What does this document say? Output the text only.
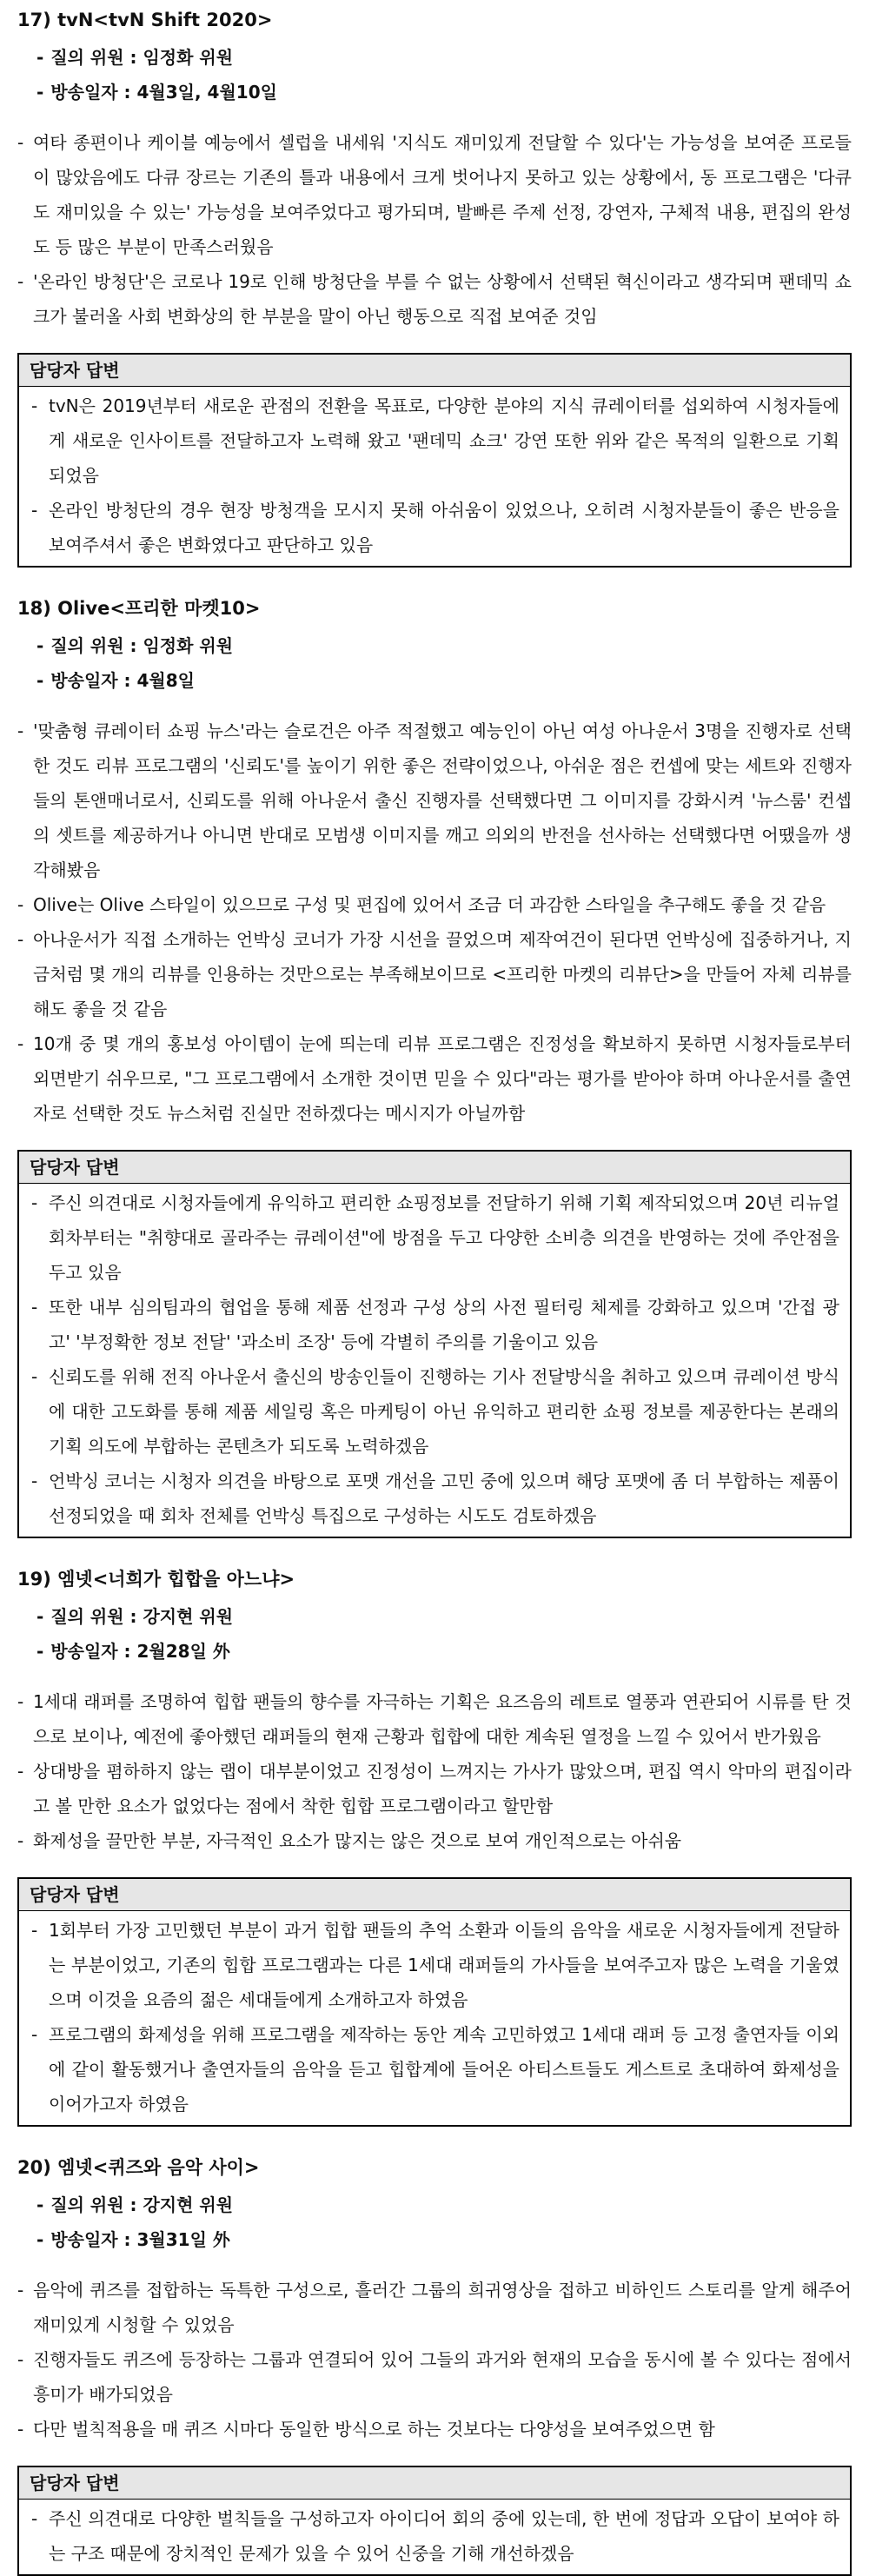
17) tvN<tvN Shift 2020>
- 질의 위원 : 임정화 위원
- 방송일자 : 4월3일, 4월10일
- 여타 종편이나 케이블 예능에서 셀럽을 내세워 '지식도 재미있게 전달할 수 있다'는 가능성을 보여준 프로들이 많았음에도 다큐 장르는 기존의 틀과 내용에서 크게 벗어나지 못하고 있는 상황에서, 동 프로그램은 '다큐도 재미있을 수 있는' 가능성을 보여주었다고 평가되며, 발빠른 주제 선정, 강연자, 구체적 내용, 편집의 완성도 등 많은 부분이 만족스러웠음
- '온라인 방청단'은 코로나 19로 인해 방청단을 부를 수 없는 상황에서 선택된 혁신이라고 생각되며 팬데믹 쇼크가 불러올 사회 변화상의 한 부분을 말이 아닌 행동으로 직접 보여준 것임
담당자 답변
- tvN은 2019년부터 새로운 관점의 전환을 목표로, 다양한 분야의 지식 큐레이터를 섭외하여 시청자들에게 새로운 인사이트를 전달하고자 노력해 왔고 '팬데믹 쇼크' 강연 또한 위와 같은 목적의 일환으로 기획되었음
- 온라인 방청단의 경우 현장 방청객을 모시지 못해 아쉬움이 있었으나, 오히려 시청자분들이 좋은 반응을 보여주셔서 좋은 변화였다고 판단하고 있음
18) Olive<프리한 마켓10>
- 질의 위원 : 임정화 위원
- 방송일자 : 4월8일
- '맞춤형 큐레이터 쇼핑 뉴스'라는 슬로건은 아주 적절했고 예능인이 아닌 여성 아나운서 3명을 진행자로 선택한 것도 리뷰 프로그램의 '신뢰도'를 높이기 위한 좋은 전략이었으나, 아쉬운 점은 컨셉에 맞는 세트와 진행자들의 톤앤매너로서, 신뢰도를 위해 아나운서 출신 진행자를 선택했다면 그 이미지를 강화시켜 '뉴스룸' 컨셉의 셋트를 제공하거나 아니면 반대로 모범생 이미지를 깨고 의외의 반전을 선사하는 선택했다면 어땠을까 생각해봤음
- Olive는 Olive 스타일이 있으므로 구성 및 편집에 있어서 조금 더 과감한 스타일을 추구해도 좋을 것 같음
- 아나운서가 직접 소개하는 언박싱 코너가 가장 시선을 끌었으며 제작여건이 된다면 언박싱에 집중하거나, 지금처럼 몇 개의 리뷰를 인용하는 것만으로는 부족해보이므로 <프리한 마켓의 리뷰단>을 만들어 자체 리뷰를 해도 좋을 것 같음
- 10개 중 몇 개의 홍보성 아이템이 눈에 띄는데 리뷰 프로그램은 진정성을 확보하지 못하면 시청자들로부터 외면받기 쉬우므로, "그 프로그램에서 소개한 것이면 믿을 수 있다"라는 평가를 받아야 하며 아나운서를 출연자로 선택한 것도 뉴스처럼 진실만 전하겠다는 메시지가 아닐까함
담당자 답변
- 주신 의견대로 시청자들에게 유익하고 편리한 쇼핑정보를 전달하기 위해 기획 제작되었으며 20년 리뉴얼 회차부터는 "취향대로 골라주는 큐레이션"에 방점을 두고 다양한 소비층 의견을 반영하는 것에 주안점을 두고 있음
- 또한 내부 심의팀과의 협업을 통해 제품 선정과 구성 상의 사전 필터링 체제를 강화하고 있으며 '간접 광고' '부정확한 정보 전달' '과소비 조장' 등에 각별히 주의를 기울이고 있음
- 신뢰도를 위해 전직 아나운서 출신의 방송인들이 진행하는 기사 전달방식을 취하고 있으며 큐레이션 방식에 대한 고도화를 통해 제품 세일링 혹은 마케팅이 아닌 유익하고 편리한 쇼핑 정보를 제공한다는 본래의 기획 의도에 부합하는 콘텐츠가 되도록 노력하겠음
- 언박싱 코너는 시청자 의견을 바탕으로 포맷 개선을 고민 중에 있으며 해당 포맷에 좀 더 부합하는 제품이 선정되었을 때 회차 전체를 언박싱 특집으로 구성하는 시도도 검토하겠음
19) 엠넷<너희가 힙합을 아느냐>
- 질의 위원 : 강지현 위원
- 방송일자 : 2월28일 外
- 1세대 래퍼를 조명하여 힙합 팬들의 향수를 자극하는 기획은 요즈음의 레트로 열풍과 연관되어 시류를 탄 것으로 보이나, 예전에 좋아했던 래퍼들의 현재 근황과 힙합에 대한 계속된 열정을 느낄 수 있어서 반가웠음
- 상대방을 폄하하지 않는 랩이 대부분이었고 진정성이 느껴지는 가사가 많았으며, 편집 역시 악마의 편집이라고 볼 만한 요소가 없었다는 점에서 착한 힙합 프로그램이라고 할만함
- 화제성을 끌만한 부분, 자극적인 요소가 많지는 않은 것으로 보여 개인적으로는 아쉬움
담당자 답변
- 1회부터 가장 고민했던 부분이 과거 힙합 팬들의 추억 소환과 이들의 음악을 새로운 시청자들에게 전달하는 부분이었고, 기존의 힙합 프로그램과는 다른 1세대 래퍼들의 가사들을 보여주고자 많은 노력을 기울였으며 이것을 요즘의 젊은 세대들에게 소개하고자 하였음
- 프로그램의 화제성을 위해 프로그램을 제작하는 동안 계속 고민하였고 1세대 래퍼 등 고정 출연자들 이외에 같이 활동했거나 출연자들의 음악을 듣고 힙합계에 들어온 아티스트들도 게스트로 초대하여 화제성을 이어가고자 하였음
20) 엠넷<퀴즈와 음악 사이>
- 질의 위원 : 강지현 위원
- 방송일자 : 3월31일 外
- 음악에 퀴즈를 접합하는 독특한 구성으로, 흘러간 그룹의 희귀영상을 접하고 비하인드 스토리를 알게 해주어 재미있게 시청할 수 있었음
- 진행자들도 퀴즈에 등장하는 그룹과 연결되어 있어 그들의 과거와 현재의 모습을 동시에 볼 수 있다는 점에서 흥미가 배가되었음
- 다만 벌칙적용을 매 퀴즈 시마다 동일한 방식으로 하는 것보다는 다양성을 보여주었으면 함
담당자 답변
- 주신 의견대로 다양한 벌칙들을 구성하고자 아이디어 회의 중에 있는데, 한 번에 정답과 오답이 보여야 하는 구조 때문에 장치적인 문제가 있을 수 있어 신중을 기해 개선하겠음
